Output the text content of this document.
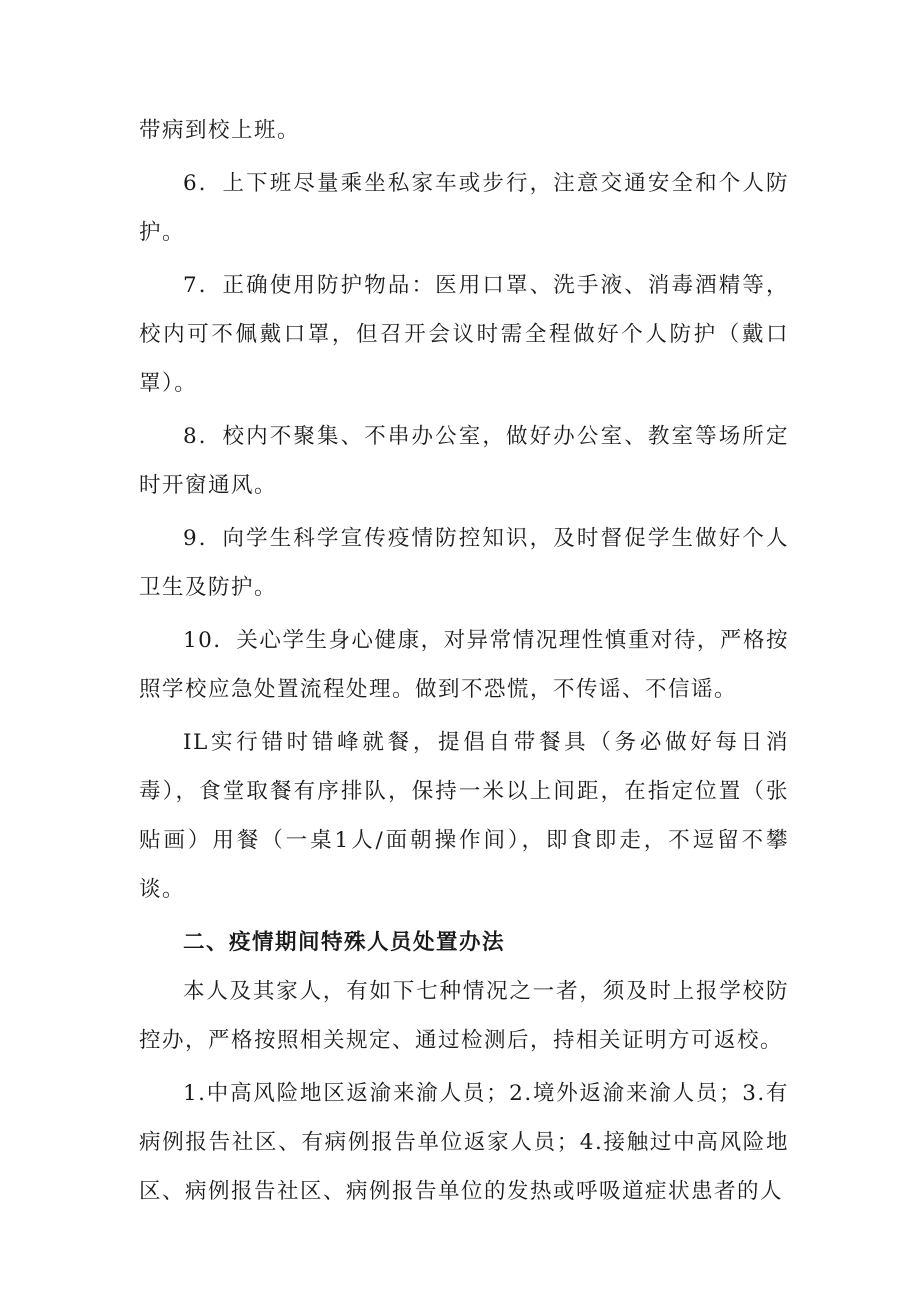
带病到校上班。

6．上下班尽量乘坐私家车或步行，注意交通安全和个人防护。

7．正确使用防护物品：医用口罩、洗手液、消毒酒精等，校内可不佩戴口罩，但召开会议时需全程做好个人防护（戴口罩）。

8．校内不聚集、不串办公室，做好办公室、教室等场所定时开窗通风。

9．向学生科学宣传疫情防控知识，及时督促学生做好个人卫生及防护。

10．关心学生身心健康，对异常情况理性慎重对待，严格按照学校应急处置流程处理。做到不恐慌，不传谣、不信谣。

IL实行错时错峰就餐，提倡自带餐具（务必做好每日消毒），食堂取餐有序排队，保持一米以上间距，在指定位置（张贴画）用餐（一桌1人/面朝操作间），即食即走，不逗留不攀谈。

二、疫情期间特殊人员处置办法

本人及其家人，有如下七种情况之一者，须及时上报学校防控办，严格按照相关规定、通过检测后，持相关证明方可返校。

1.中高风险地区返渝来渝人员；2.境外返渝来渝人员；3.有病例报告社区、有病例报告单位返家人员；4.接触过中高风险地区、病例报告社区、病例报告单位的发热或呼吸道症状患者的人
